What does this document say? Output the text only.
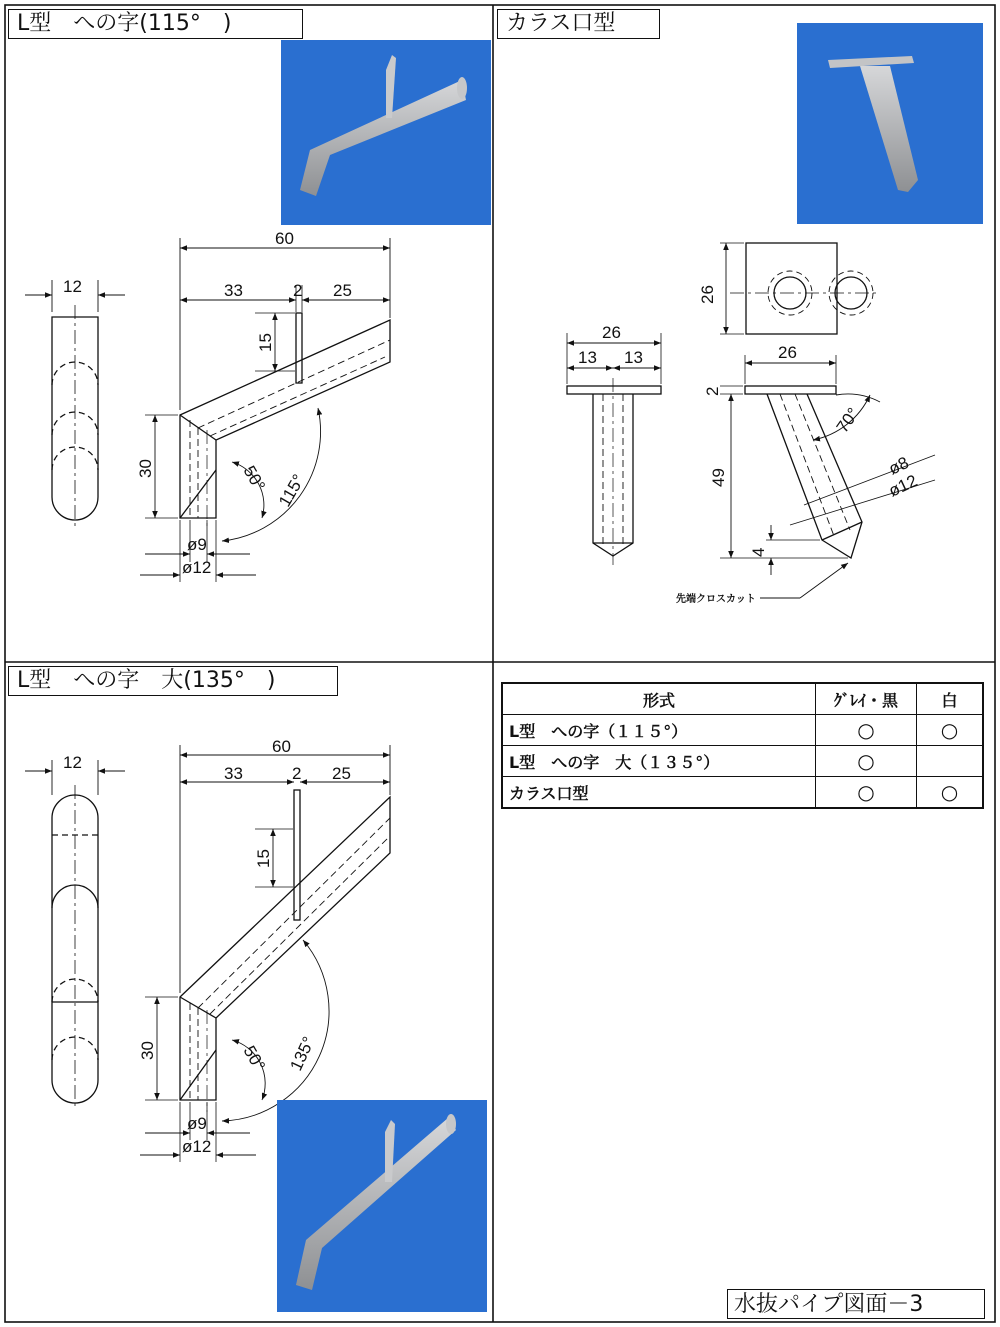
12
60
33	2 25
15
30
ø9
ø12
50° 115°
26
13 13	26
26
2
49
4
70°
ø8
ø12
先端クロスカット
12
60
33	2 25
15
30
ø9
ø12
50° 135°
L型　への字(115°　)	カラス口型
L型　への字　大(135°　)
形式	ｸﾞﾚｲ・黒	白
L型　への字（１１５°）	○	○
L型　への字　大（１３５°）	○	
カラス口型	○	○
水抜パイプ図面－3
